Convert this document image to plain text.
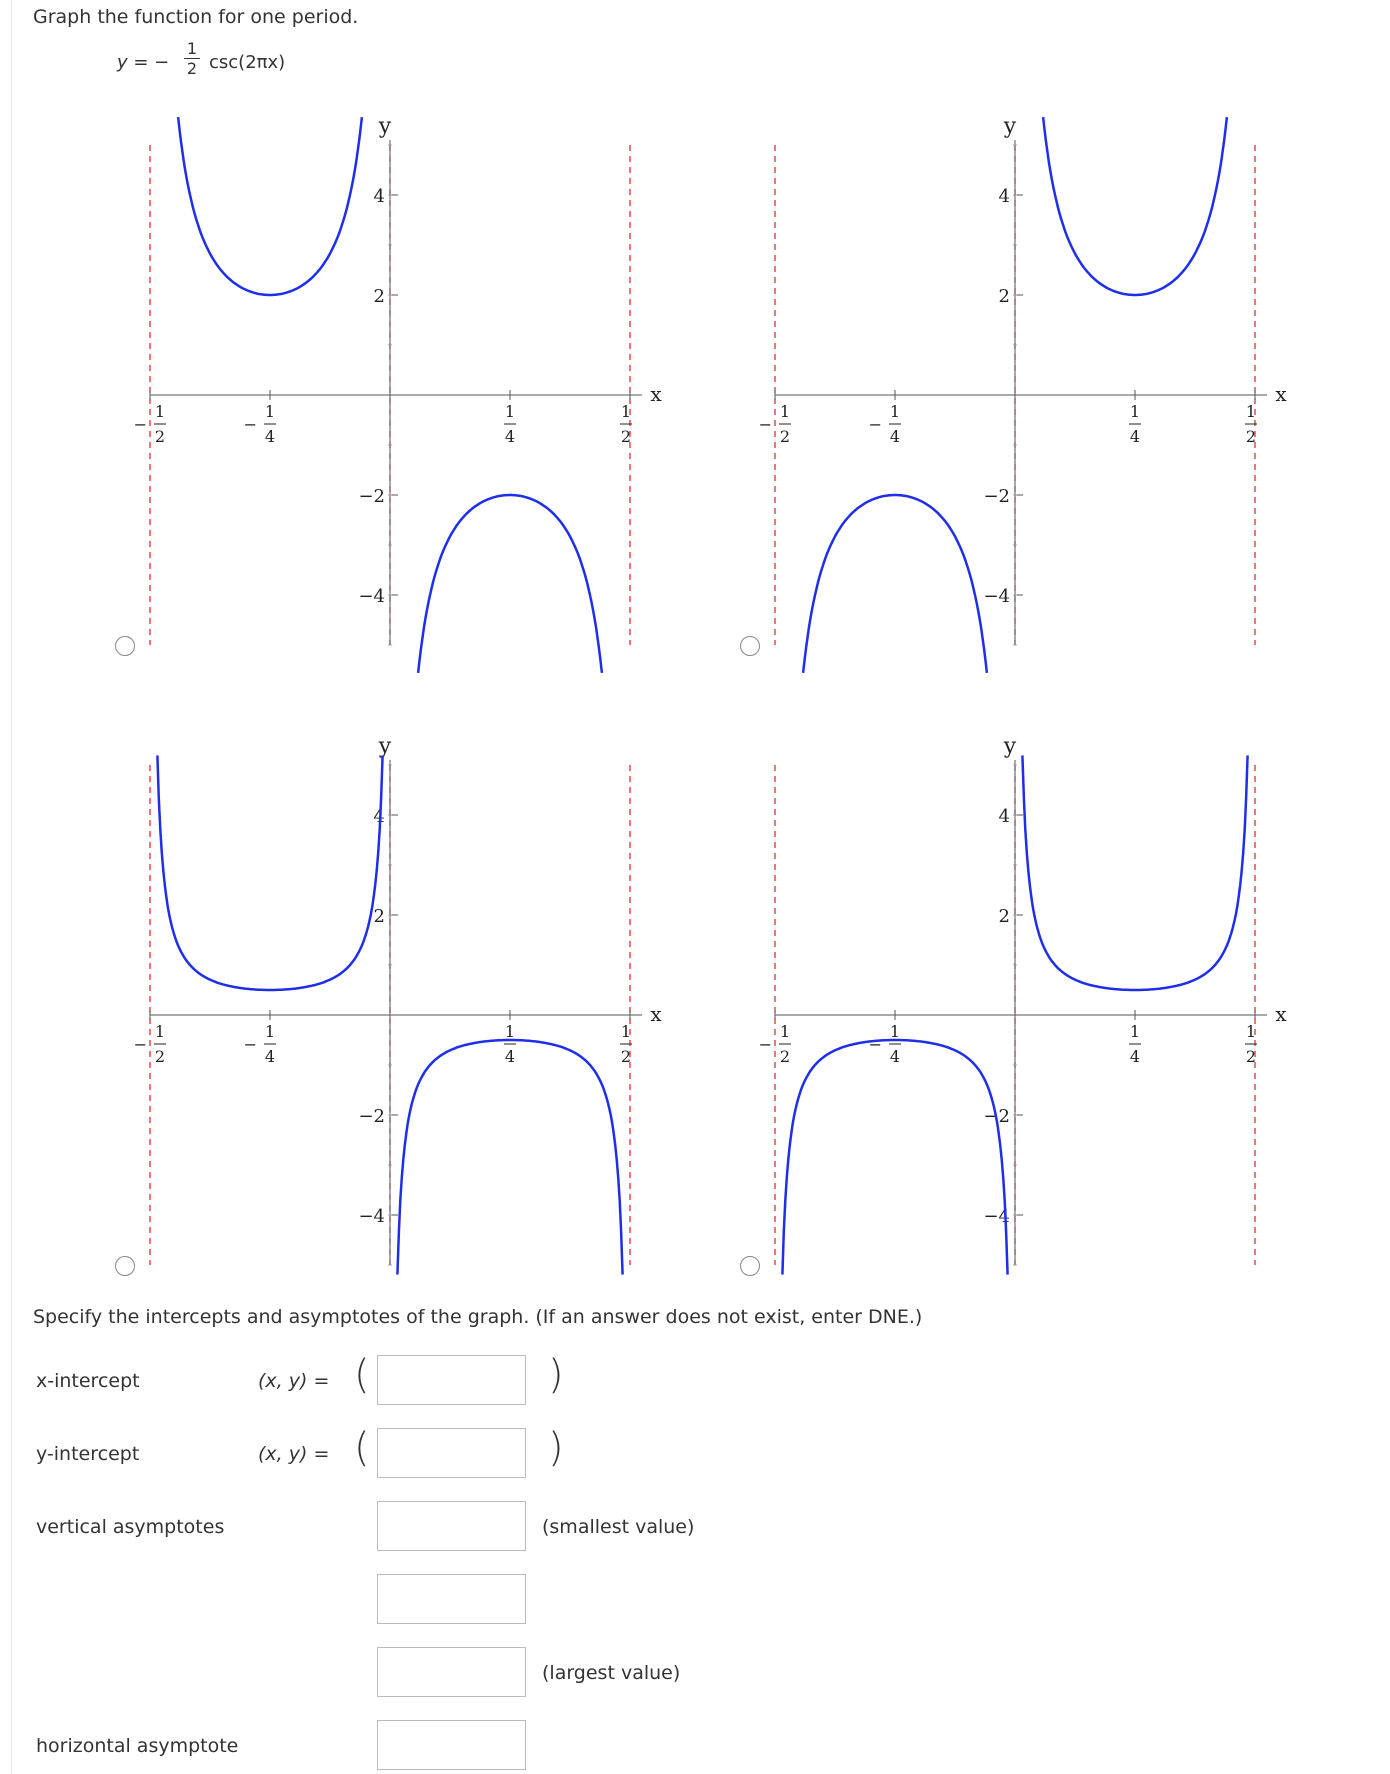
Graph the function for one period.
y = −
1
2 csc(2πx)
y
x
4
2
−2
−4
1
2
−
1
4
−
1
4
1
2
y
x
4
2
−2
−4
1
2
−
1
4
−
1
4
1
2
y
x
4
2
−2
−4
1
2
−
1
4
−
1
4
1
2
y
x
4
2
−2
−4
1
2
−
1
4
−
1
4
1
2
Specify the intercepts and asymptotes of the graph. (If an answer does not exist, enter DNE.)
x-intercept	(x, y) = (	)
y-intercept	(x, y) = (	)
vertical asymptotes	(smallest value)
(largest value)
horizontal asymptote
